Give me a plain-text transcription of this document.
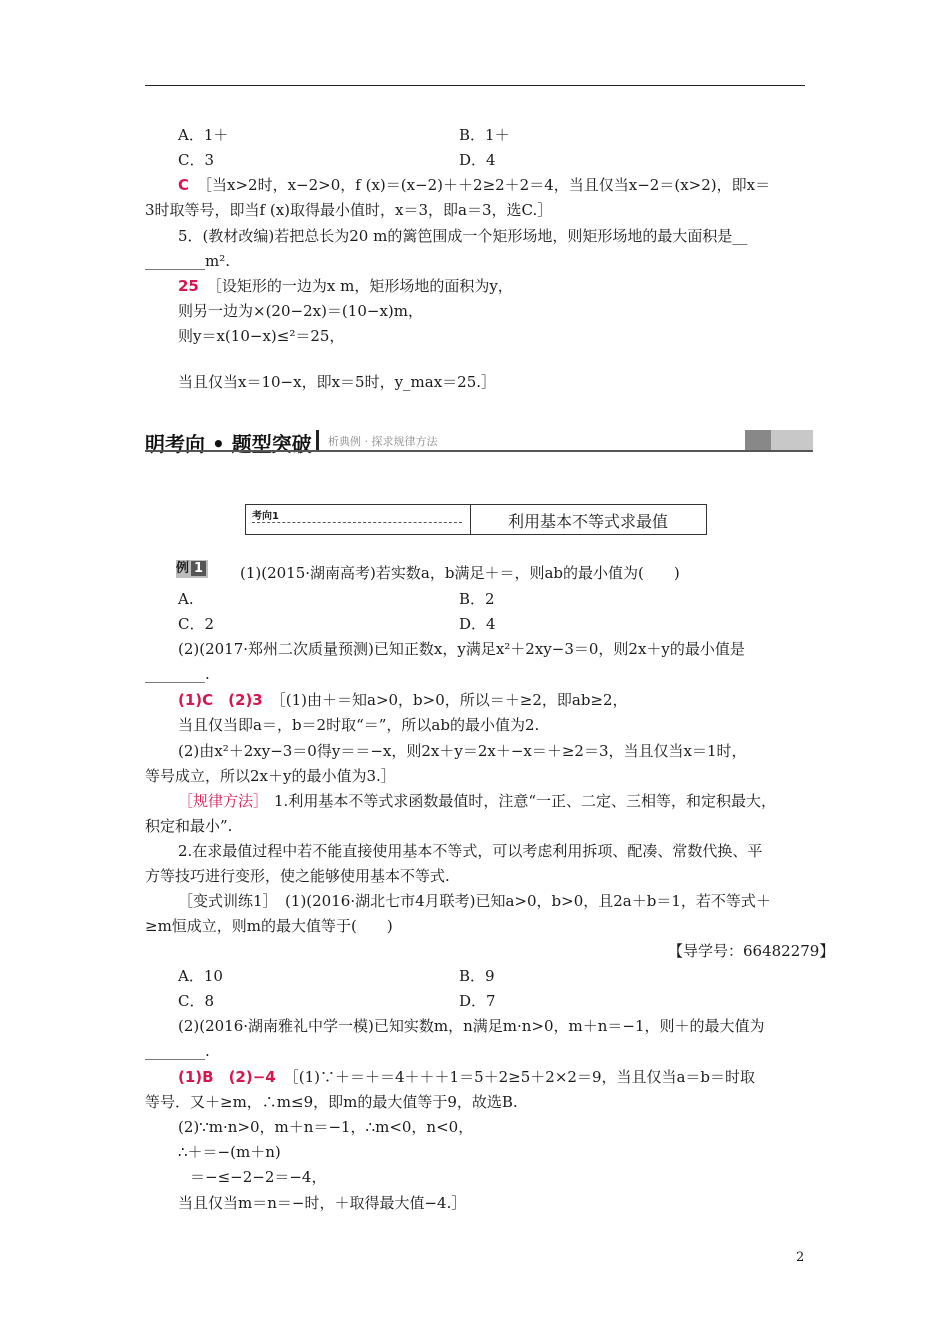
A．1＋	B．1＋
C．3	D．4
C ［当x>2时，x−2>0，f (x)＝(x−2)＋＋2≥2＋2＝4，当且仅当x−2＝(x>2)，即x＝
3时取等号，即当f (x)取得最小值时，x＝3，即a＝3，选C.］
5．(教材改编)若把总长为20 m的篱笆围成一个矩形场地，则矩形场地的最大面积是__
________m².
25 ［设矩形的一边为x m，矩形场地的面积为y，
则另一边为×(20−2x)＝(10−x)m，
则y＝x(10−x)≤²＝25，
当且仅当x＝10−x，即x＝5时，y_max＝25.］
(1)(2015·湖南高考)若实数a，b满足＋＝，则ab的最小值为(　　)
A.	B．2
C．2	D．4
(2)(2017·郑州二次质量预测)已知正数x，y满足x²＋2xy−3＝0，则2x＋y的最小值是
________.
(1)C　(2)3 ［(1)由＋＝知a>0，b>0，所以＝＋≥2，即ab≥2，
当且仅当即a＝，b＝2时取“＝”，所以ab的最小值为2.
(2)由x²＋2xy−3＝0得y＝＝−x，则2x＋y＝2x＋−x＝＋≥2＝3，当且仅当x＝1时，
等号成立，所以2x＋y的最小值为3.］
［规律方法］ 1.利用基本不等式求函数最值时，注意“一正、二定、三相等，和定积最大，
积定和最小”.
2.在求最值过程中若不能直接使用基本不等式，可以考虑利用拆项、配凑、常数代换、平
方等技巧进行变形，使之能够使用基本不等式.
［变式训练1］　(1)(2016·湖北七市4月联考)已知a>0，b>0，且2a＋b＝1，若不等式＋
≥m恒成立，则m的最大值等于(　　)
【导学号：66482279】
A．10	B．9
C．8	D．7
(2)(2016·湖南雅礼中学一模)已知实数m，n满足m·n>0，m＋n＝−1，则＋的最大值为
________.
(1)B　(2)−4 ［(1)∵＋＝＋＝4＋＋＋1＝5＋2≥5＋2×2＝9，当且仅当a＝b＝时取
等号．又＋≥m，∴m≤9，即m的最大值等于9，故选B.
(2)∵m·n>0，m＋n＝−1，∴m<0，n<0，
∴＋＝−(m＋n)
＝−≤−2−2＝−4，
当且仅当m＝n＝−时，＋取得最大值−4.］
明考向 • 题型突破 析典例 · 探求规律方法
考向1	利用基本不等式求最值
例 1
2
